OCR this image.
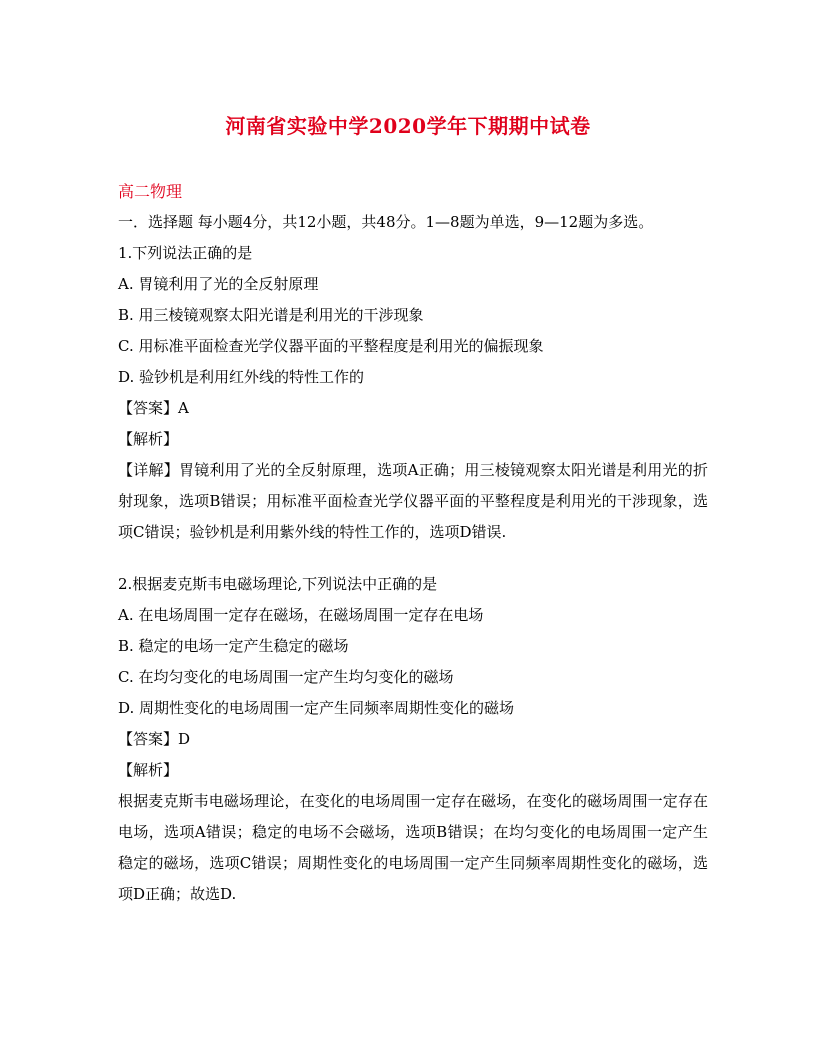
河南省实验中学2020学年下期期中试卷
高二物理
一．选择题 每小题4分，共12小题，共48分。1—8题为单选，9—12题为多选。
1.下列说法正确的是
A. 胃镜利用了光的全反射原理
B. 用三棱镜观察太阳光谱是利用光的干涉现象
C. 用标准平面检查光学仪器平面的平整程度是利用光的偏振现象
D. 验钞机是利用红外线的特性工作的
【答案】A
【解析】
【详解】胃镜利用了光的全反射原理，选项A正确；用三棱镜观察太阳光谱是利用光的折射现象，选项B错误；用标准平面检查光学仪器平面的平整程度是利用光的干涉现象，选项C错误；验钞机是利用紫外线的特性工作的，选项D错误.
2.根据麦克斯韦电磁场理论,下列说法中正确的是
A. 在电场周围一定存在磁场，在磁场周围一定存在电场
B. 稳定的电场一定产生稳定的磁场
C. 在均匀变化的电场周围一定产生均匀变化的磁场
D. 周期性变化的电场周围一定产生同频率周期性变化的磁场
【答案】D
【解析】
根据麦克斯韦电磁场理论，在变化的电场周围一定存在磁场，在变化的磁场周围一定存在电场，选项A错误；稳定的电场不会磁场，选项B错误；在均匀变化的电场周围一定产生稳定的磁场，选项C错误；周期性变化的电场周围一定产生同频率周期性变化的磁场，选项D正确；故选D.
